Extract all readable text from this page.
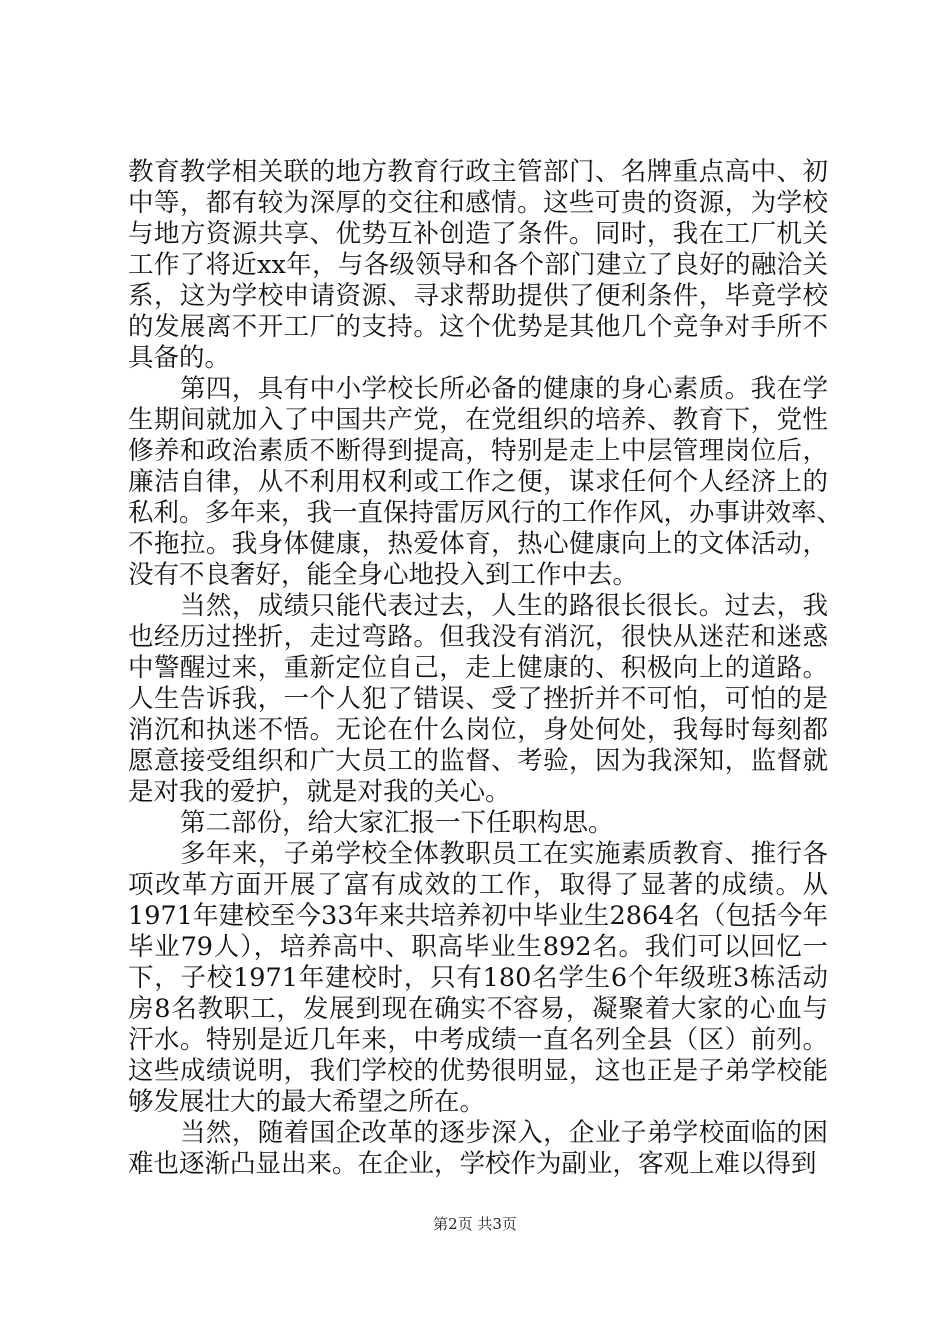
教育教学相关联的地方教育行政主管部门、名牌重点高中、初
中等，都有较为深厚的交往和感情。这些可贵的资源，为学校
与地方资源共享、优势互补创造了条件。同时，我在工厂机关
工作了将近xx年，与各级领导和各个部门建立了良好的融洽关
系，这为学校申请资源、寻求帮助提供了便利条件，毕竟学校
的发展离不开工厂的支持。这个优势是其他几个竞争对手所不
具备的。
第四，具有中小学校长所必备的健康的身心素质。我在学
生期间就加入了中国共产党，在党组织的培养、教育下，党性
修养和政治素质不断得到提高，特别是走上中层管理岗位后，
廉洁自律，从不利用权利或工作之便，谋求任何个人经济上的
私利。多年来，我一直保持雷厉风行的工作作风，办事讲效率、
不拖拉。我身体健康，热爱体育，热心健康向上的文体活动，
没有不良奢好，能全身心地投入到工作中去。
当然，成绩只能代表过去，人生的路很长很长。过去，我
也经历过挫折，走过弯路。但我没有消沉，很快从迷茫和迷惑
中警醒过来，重新定位自己，走上健康的、积极向上的道路。
人生告诉我，一个人犯了错误、受了挫折并不可怕，可怕的是
消沉和执迷不悟。无论在什么岗位，身处何处，我每时每刻都
愿意接受组织和广大员工的监督、考验，因为我深知，监督就
是对我的爱护，就是对我的关心。
第二部份，给大家汇报一下任职构思。
多年来，子弟学校全体教职员工在实施素质教育、推行各
项改革方面开展了富有成效的工作，取得了显著的成绩。从
1971年建校至今33年来共培养初中毕业生2864名（包括今年
毕业79人），培养高中、职高毕业生892名。我们可以回忆一
下，子校1971年建校时，只有180名学生6个年级班3栋活动
房8名教职工，发展到现在确实不容易，凝聚着大家的心血与
汗水。特别是近几年来，中考成绩一直名列全县（区）前列。
这些成绩说明，我们学校的优势很明显，这也正是子弟学校能
够发展壮大的最大希望之所在。
当然，随着国企改革的逐步深入，企业子弟学校面临的困
难也逐渐凸显出来。在企业，学校作为副业，客观上难以得到
第2页 共3页
